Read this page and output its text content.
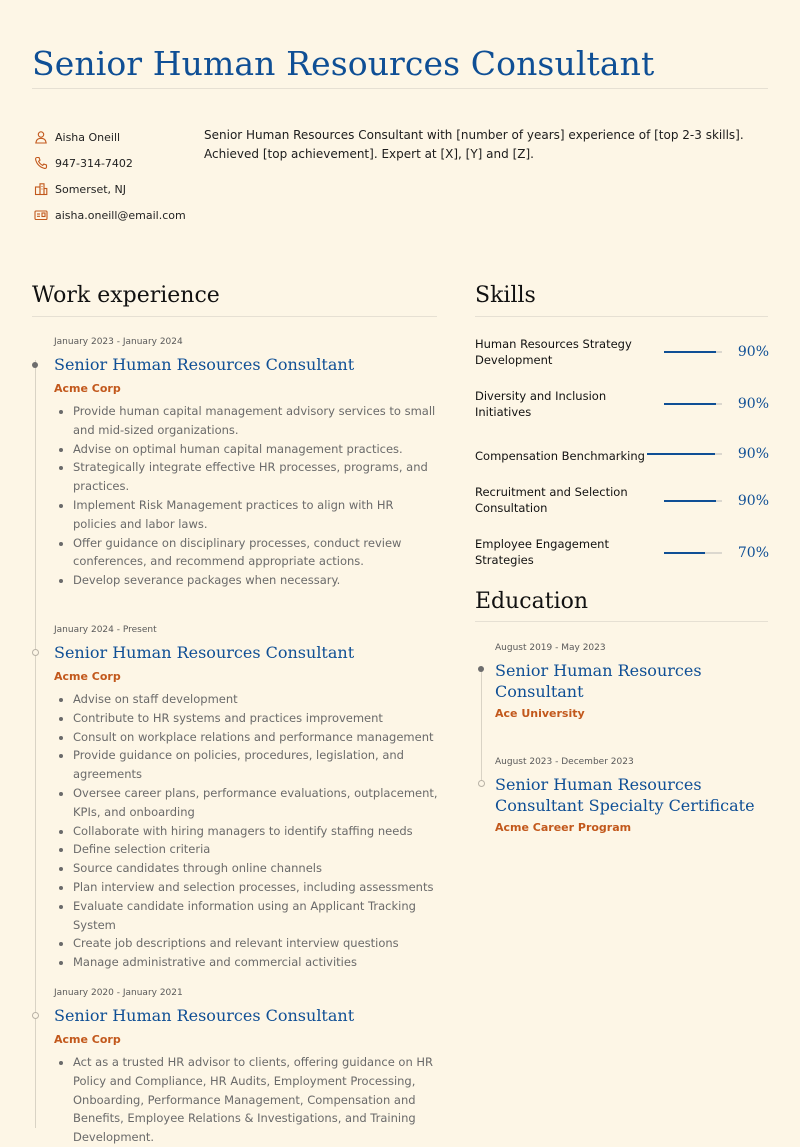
Senior Human Resources Consultant
Aisha Oneill
947-314-7402
Somerset, NJ
aisha.oneill@email.com

Senior Human Resources Consultant with [number of years] experience of [top 2-3 skills]. Achieved [top achievement]. Expert at [X], [Y] and [Z].

Work experience
January 2023 - January 2024
Senior Human Resources Consultant
Acme Corp
• Provide human capital management advisory services to small and mid-sized organizations.
• Advise on optimal human capital management practices.
• Strategically integrate effective HR processes, programs, and practices.
• Implement Risk Management practices to align with HR policies and labor laws.
• Offer guidance on disciplinary processes, conduct review conferences, and recommend appropriate actions.
• Develop severance packages when necessary.
January 2024 - Present
Senior Human Resources Consultant
Acme Corp
• Advise on staff development
• Contribute to HR systems and practices improvement
• Consult on workplace relations and performance management
• Provide guidance on policies, procedures, legislation, and agreements
• Oversee career plans, performance evaluations, outplacement, KPIs, and onboarding
• Collaborate with hiring managers to identify staffing needs
• Define selection criteria
• Source candidates through online channels
• Plan interview and selection processes, including assessments
• Evaluate candidate information using an Applicant Tracking System
• Create job descriptions and relevant interview questions
• Manage administrative and commercial activities
January 2020 - January 2021
Senior Human Resources Consultant
Acme Corp
• Act as a trusted HR advisor to clients, offering guidance on HR Policy and Compliance, HR Audits, Employment Processing, Onboarding, Performance Management, Compensation and Benefits, Employee Relations & Investigations, and Training Development.
Skills
Human Resources Strategy Development	90%
Diversity and Inclusion Initiatives	90%
Compensation Benchmarking	90%
Recruitment and Selection Consultation	90%
Employee Engagement Strategies	70%
Education
August 2019 - May 2023
Senior Human Resources Consultant
Ace University
August 2023 - December 2023
Senior Human Resources Consultant Specialty Certificate
Acme Career Program
